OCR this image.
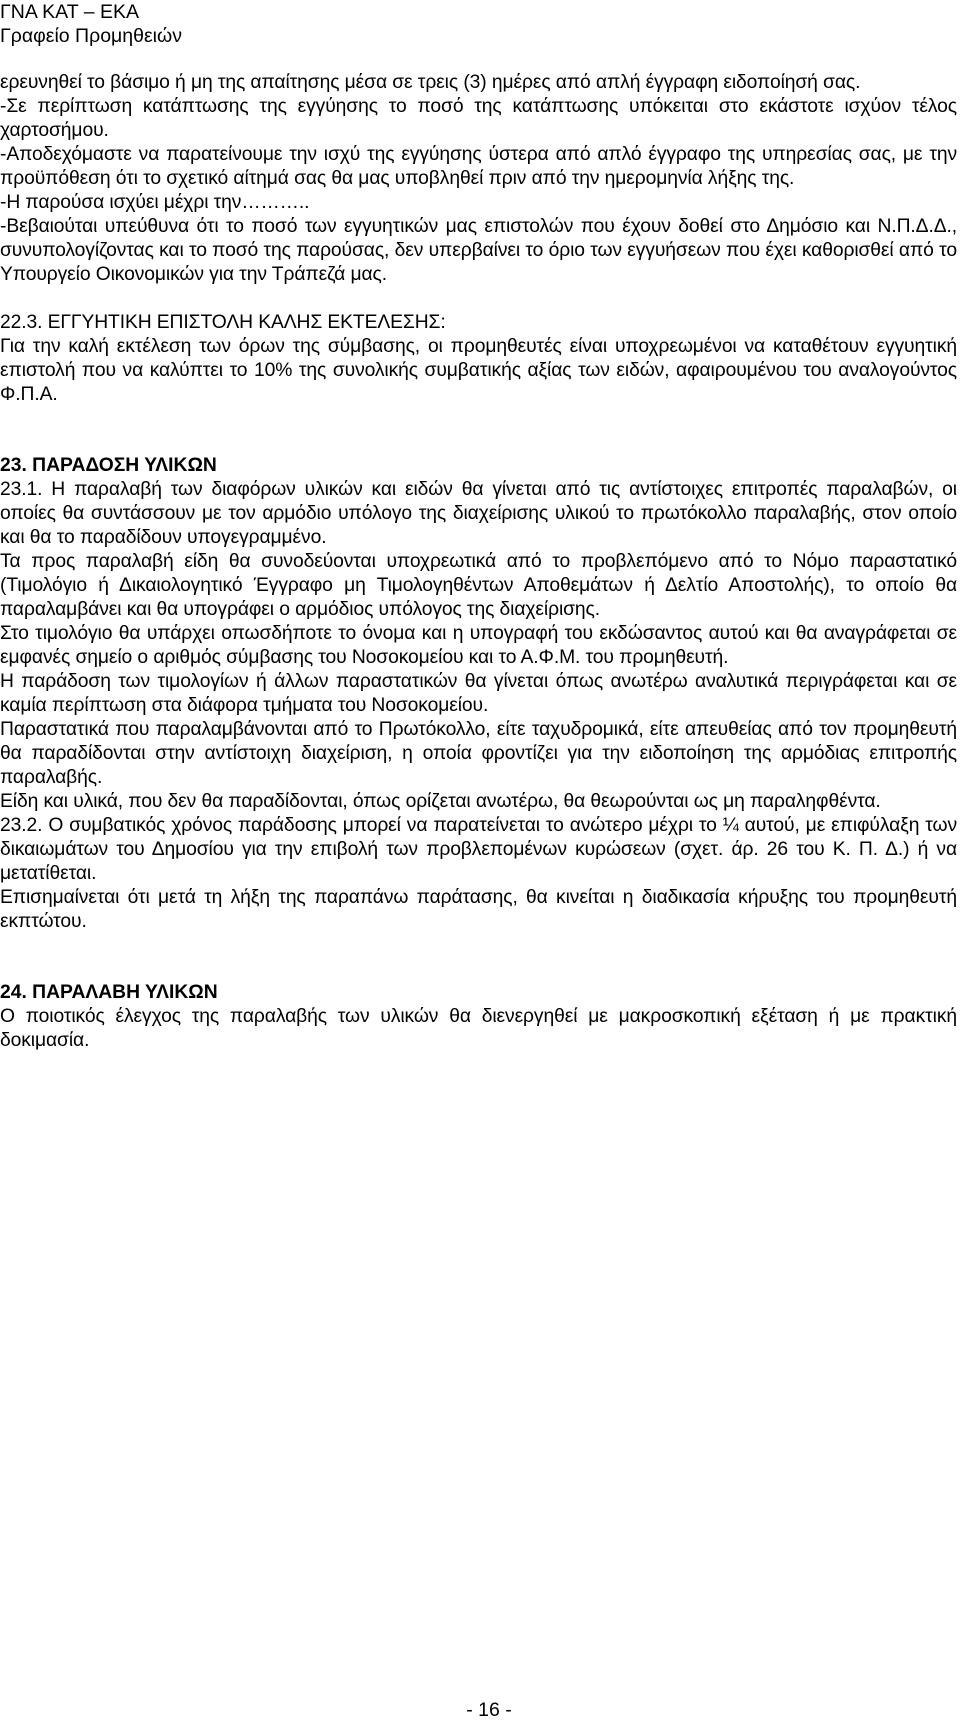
ΓΝΑ ΚΑΤ – ΕΚΑ
Γραφείο Προμηθειών

ερευνηθεί το βάσιμο ή μη της απαίτησης μέσα σε τρεις (3) ημέρες από απλή έγγραφη ειδοποίησή σας.

-Σε περίπτωση κατάπτωσης της εγγύησης το ποσό της κατάπτωσης υπόκειται στο εκάστοτε ισχύον τέλος χαρτοσήμου.

-Αποδεχόμαστε να παρατείνουμε την ισχύ της εγγύησης ύστερα από απλό έγγραφο της υπηρεσίας σας, με την προϋπόθεση ότι το σχετικό αίτημά σας θα μας υποβληθεί πριν από την ημερομηνία λήξης της.

-Η παρούσα ισχύει μέχρι την………..

-Βεβαιούται υπεύθυνα ότι το ποσό των εγγυητικών μας επιστολών που έχουν δοθεί στο Δημόσιο και Ν.Π.Δ.Δ., συνυπολογίζοντας και το ποσό της παρούσας, δεν υπερβαίνει το όριο των εγγυήσεων που έχει καθορισθεί από το Υπουργείο Οικονομικών για την Τράπεζά μας.

22.3. ΕΓΓΥΗΤΙΚΗ ΕΠΙΣΤΟΛΗ ΚΑΛΗΣ ΕΚΤΕΛΕΣΗΣ:

Για την καλή εκτέλεση των όρων της σύμβασης, οι προμηθευτές είναι υποχρεωμένοι να καταθέτουν εγγυητική επιστολή που να καλύπτει το 10% της συνολικής συμβατικής αξίας των ειδών, αφαιρουμένου του αναλογούντος Φ.Π.Α.

23. ΠΑΡΑΔΟΣΗ ΥΛΙΚΩΝ

23.1. Η παραλαβή των διαφόρων υλικών και ειδών θα γίνεται από τις αντίστοιχες επιτροπές παραλαβών, οι οποίες θα συντάσσουν με τον αρμόδιο υπόλογο της διαχείρισης υλικού το πρωτόκολλο παραλαβής, στον οποίο και θα το παραδίδουν υπογεγραμμένο.

Τα προς παραλαβή είδη θα συνοδεύονται υποχρεωτικά από το προβλεπόμενο από το Νόμο παραστατικό (Τιμολόγιο ή Δικαιολογητικό Έγγραφο μη Τιμολογηθέντων Αποθεμάτων ή Δελτίο Αποστολής), το οποίο θα παραλαμβάνει και θα υπογράφει ο αρμόδιος υπόλογος της διαχείρισης.

Στο τιμολόγιο θα υπάρχει οπωσδήποτε το όνομα και η υπογραφή του εκδώσαντος αυτού και θα αναγράφεται σε εμφανές σημείο ο αριθμός σύμβασης του Νοσοκομείου και το Α.Φ.Μ. του προμηθευτή.

Η παράδοση των τιμολογίων ή άλλων παραστατικών θα γίνεται όπως ανωτέρω αναλυτικά περιγράφεται και σε καμία περίπτωση στα διάφορα τμήματα του Νοσοκομείου.

Παραστατικά που παραλαμβάνονται από το Πρωτόκολλο, είτε ταχυδρομικά, είτε απευθείας από τον προμηθευτή θα παραδίδονται στην αντίστοιχη διαχείριση, η οποία φροντίζει για την ειδοποίηση της αρμόδιας επιτροπής παραλαβής.

Είδη και υλικά, που δεν θα παραδίδονται, όπως ορίζεται ανωτέρω, θα θεωρούνται ως μη παραληφθέντα.

23.2. Ο συμβατικός χρόνος παράδοσης μπορεί να παρατείνεται το ανώτερο μέχρι το ¼ αυτού, με επιφύλαξη των δικαιωμάτων του Δημοσίου για την επιβολή των προβλεπομένων κυρώσεων (σχετ. άρ. 26 του Κ. Π. Δ.) ή να μετατίθεται.

Επισημαίνεται ότι μετά τη λήξη της παραπάνω παράτασης, θα κινείται η διαδικασία κήρυξης του προμηθευτή εκπτώτου.

24. ΠΑΡΑΛΑΒΗ ΥΛΙΚΩΝ

Ο ποιοτικός έλεγχος της παραλαβής των υλικών θα διενεργηθεί με μακροσκοπική εξέταση ή με πρακτική δοκιμασία.

- 16 -
